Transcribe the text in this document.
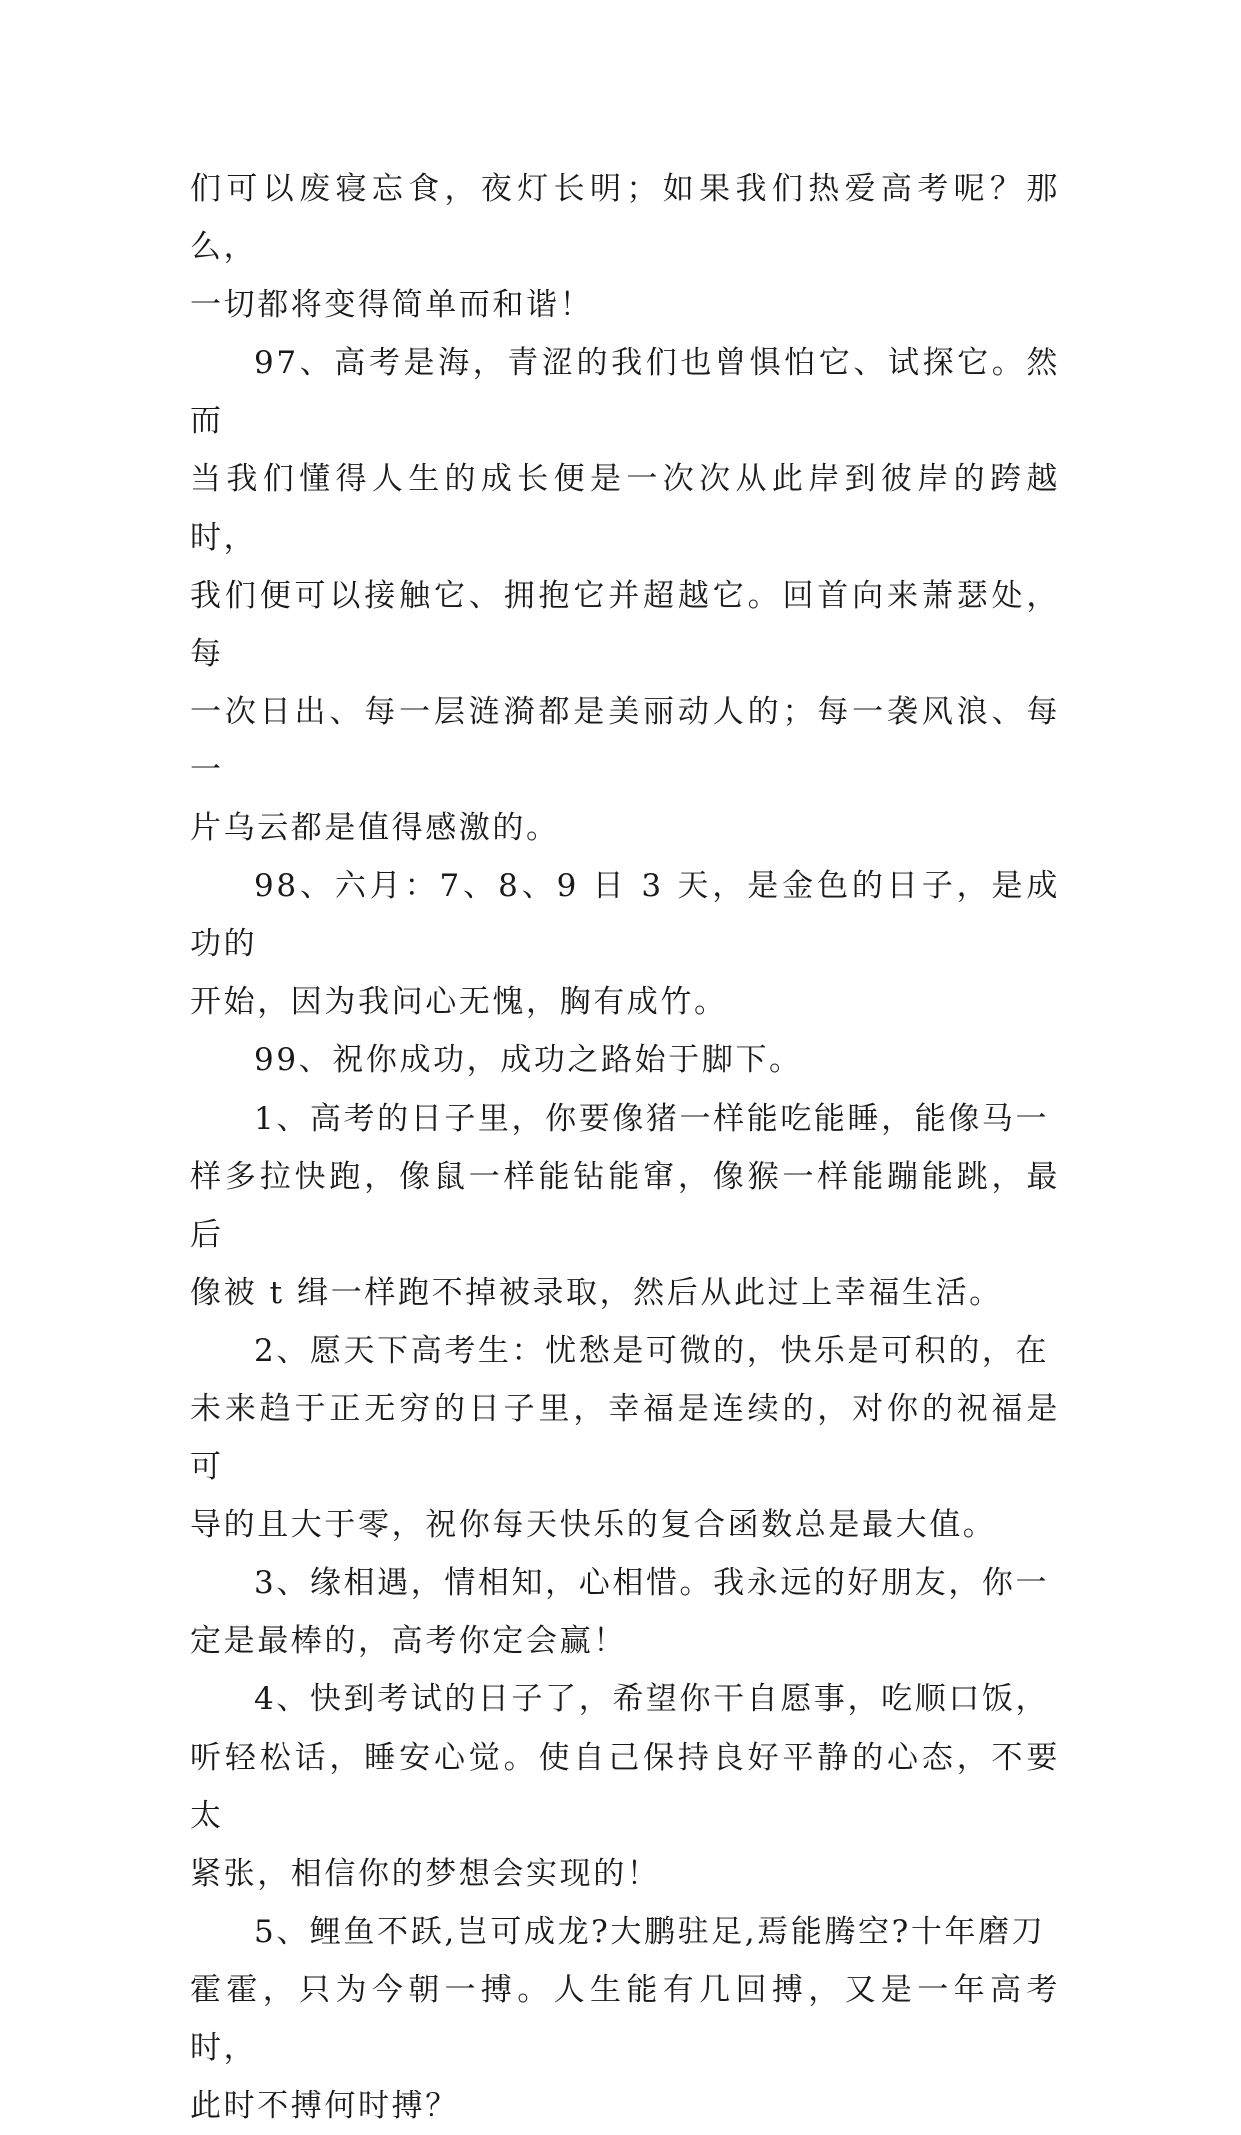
们可以废寝忘食，夜灯长明；如果我们热爱高考呢？那么，
一切都将变得简单而和谐！

97、高考是海，青涩的我们也曾惧怕它、试探它。然而
当我们懂得人生的成长便是一次次从此岸到彼岸的跨越时，
我们便可以接触它、拥抱它并超越它。回首向来萧瑟处，每
一次日出、每一层涟漪都是美丽动人的；每一袭风浪、每一
片乌云都是值得感激的。

98、六月：7、8、9 日 3 天，是金色的日子，是成功的
开始，因为我问心无愧，胸有成竹。

99、祝你成功，成功之路始于脚下。

1、高考的日子里，你要像猪一样能吃能睡，能像马一
样多拉快跑，像鼠一样能钻能窜，像猴一样能蹦能跳，最后
像被 t 缉一样跑不掉被录取，然后从此过上幸福生活。

2、愿天下高考生：忧愁是可微的，快乐是可积的，在
未来趋于正无穷的日子里，幸福是连续的，对你的祝福是可
导的且大于零，祝你每天快乐的复合函数总是最大值。

3、缘相遇，情相知，心相惜。我永远的好朋友，你一
定是最棒的，高考你定会赢！

4、快到考试的日子了，希望你干自愿事，吃顺口饭，
听轻松话，睡安心觉。使自己保持良好平静的心态，不要太
紧张，相信你的梦想会实现的！

5、鲤鱼不跃,岂可成龙?大鹏驻足,焉能腾空?十年磨刀
霍霍，只为今朝一搏。人生能有几回搏，又是一年高考时，
此时不搏何时搏？
